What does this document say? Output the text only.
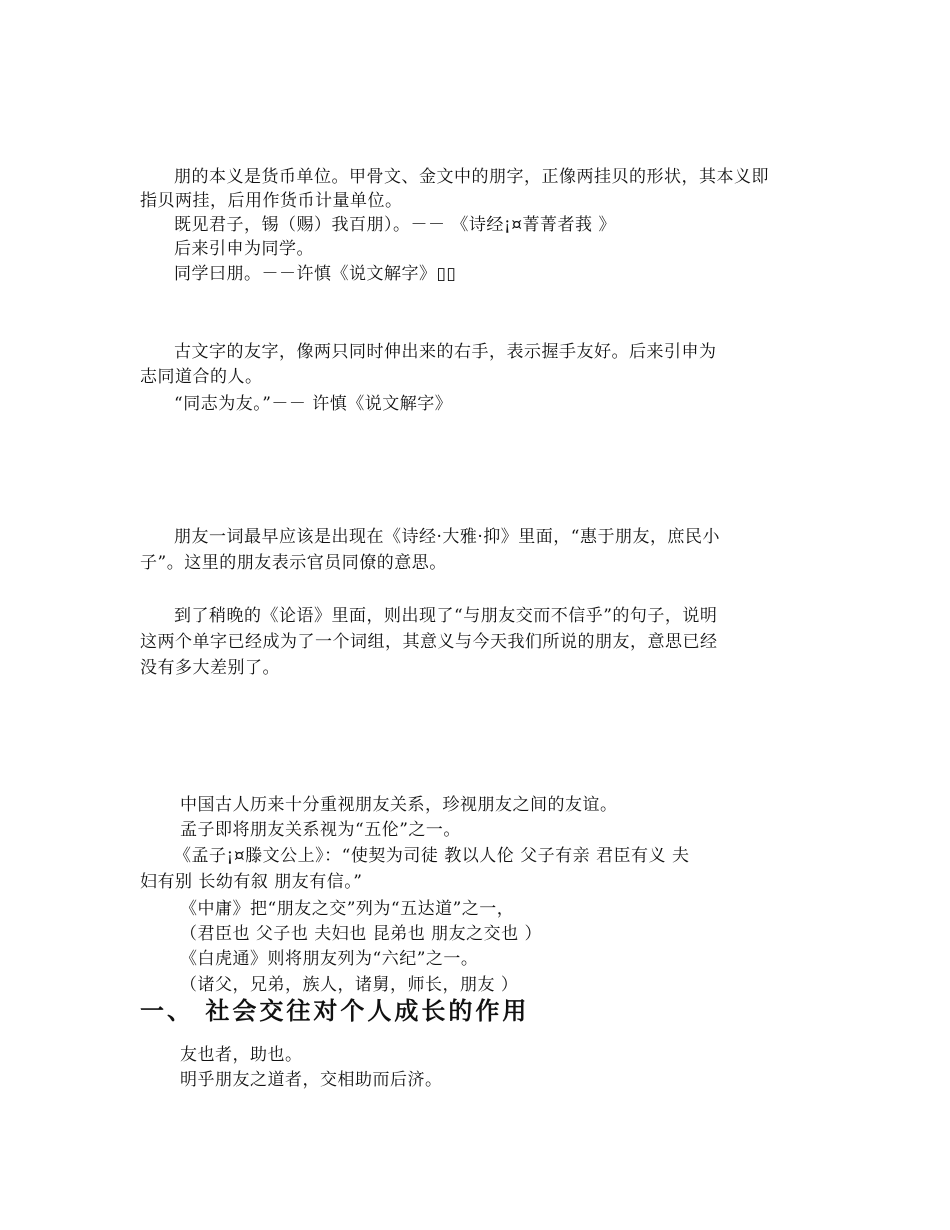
朋的本义是货币单位。甲骨文、金文中的朋字，正像两挂贝的形状，其本义即
指贝两挂，后用作货币计量单位。
既见君子，锡（赐）我百朋）。－－ 《诗经¡¤菁菁者莪 》
后来引申为同学。
同学曰朋。－－许慎《说文解字》▯▯
古文字的友字，像两只同时伸出来的右手，表示握手友好。后来引申为
志同道合的人。
“同志为友。”－－ 许慎《说文解字》
朋友一词最早应该是出现在《诗经·大雅·抑》里面，“惠于朋友，庶民小
子”。这里的朋友表示官员同僚的意思。
到了稍晚的《论语》里面，则出现了“与朋友交而不信乎”的句子，说明
这两个单字已经成为了一个词组，其意义与今天我们所说的朋友，意思已经
没有多大差别了。
中国古人历来十分重视朋友关系，珍视朋友之间的友谊。
孟子即将朋友关系视为“五伦”之一。
《孟子¡¤滕文公上》：“使契为司徒 教以人伦 父子有亲 君臣有义 夫
妇有别 长幼有叙 朋友有信。”
《中庸》把“朋友之交”列为“五达道”之一，
（君臣也 父子也 夫妇也 昆弟也 朋友之交也 ）
《白虎通》则将朋友列为“六纪”之一。
（诸父，兄弟，族人，诸舅，师长，朋友 ）
一、 社会交往对个人成长的作用
友也者，助也。
明乎朋友之道者，交相助而后济。
